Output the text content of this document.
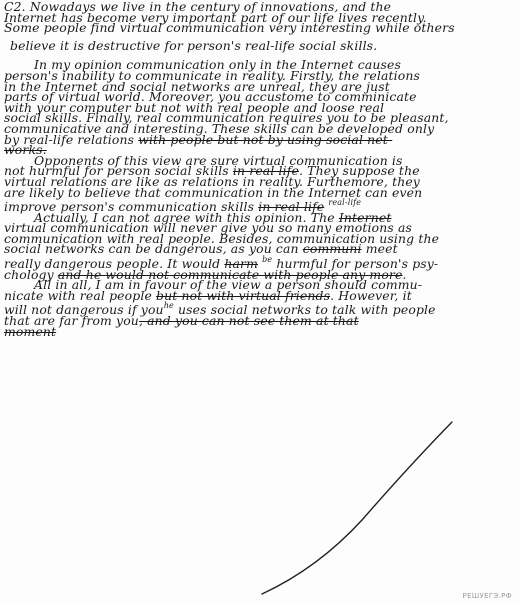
C2. Nowadays we live in the century of innovations, and the

Internet has become very important part of our life lives recently.

Some people find virtual communication very interesting while others

believe it is destructive for person's real-life social skills.

In my opinion communication only in the Internet causes

person's inability to communicate in reality. Firstly, the relations

in the Internet and social networks are unreal, they are just

parts of virtual world. Moreover, you accustome to comminicate

with your computer but not with real people and loose real

social skills. Finally, real communication requires you to be pleasant,

communicative and interesting. These skills can be developed only

by real-life relations with people but not by using social net-

works.

Opponents of this view are sure virtual communication is

not hurmful for person social skills in real life. They suppose the

virtual relations are like as relations in reality. Furthemore, they

are likely to believe that communication in the Internet can even

improve person's communication skills in real life $^{real-life}$

Actually, I can not agree with this opinion. The Internet

virtual communication will never give you so many emotions as

communication with real people. Besides, communication using the

social networks can be dangerous, as you can communi meet

really dangerous people. It would harm $^{be}$ hurmful for person's psy-

chology and he would not communicate with people any more.

All in all, I am in favour of the view a person should commu-

nicate with real people but not with virtual friends. However, it

will not dangerous if you$^{he}$ uses social networks to talk with people

that are far from you, and you can not see them at that

moment

РЕШУЕГЭ.РФ
